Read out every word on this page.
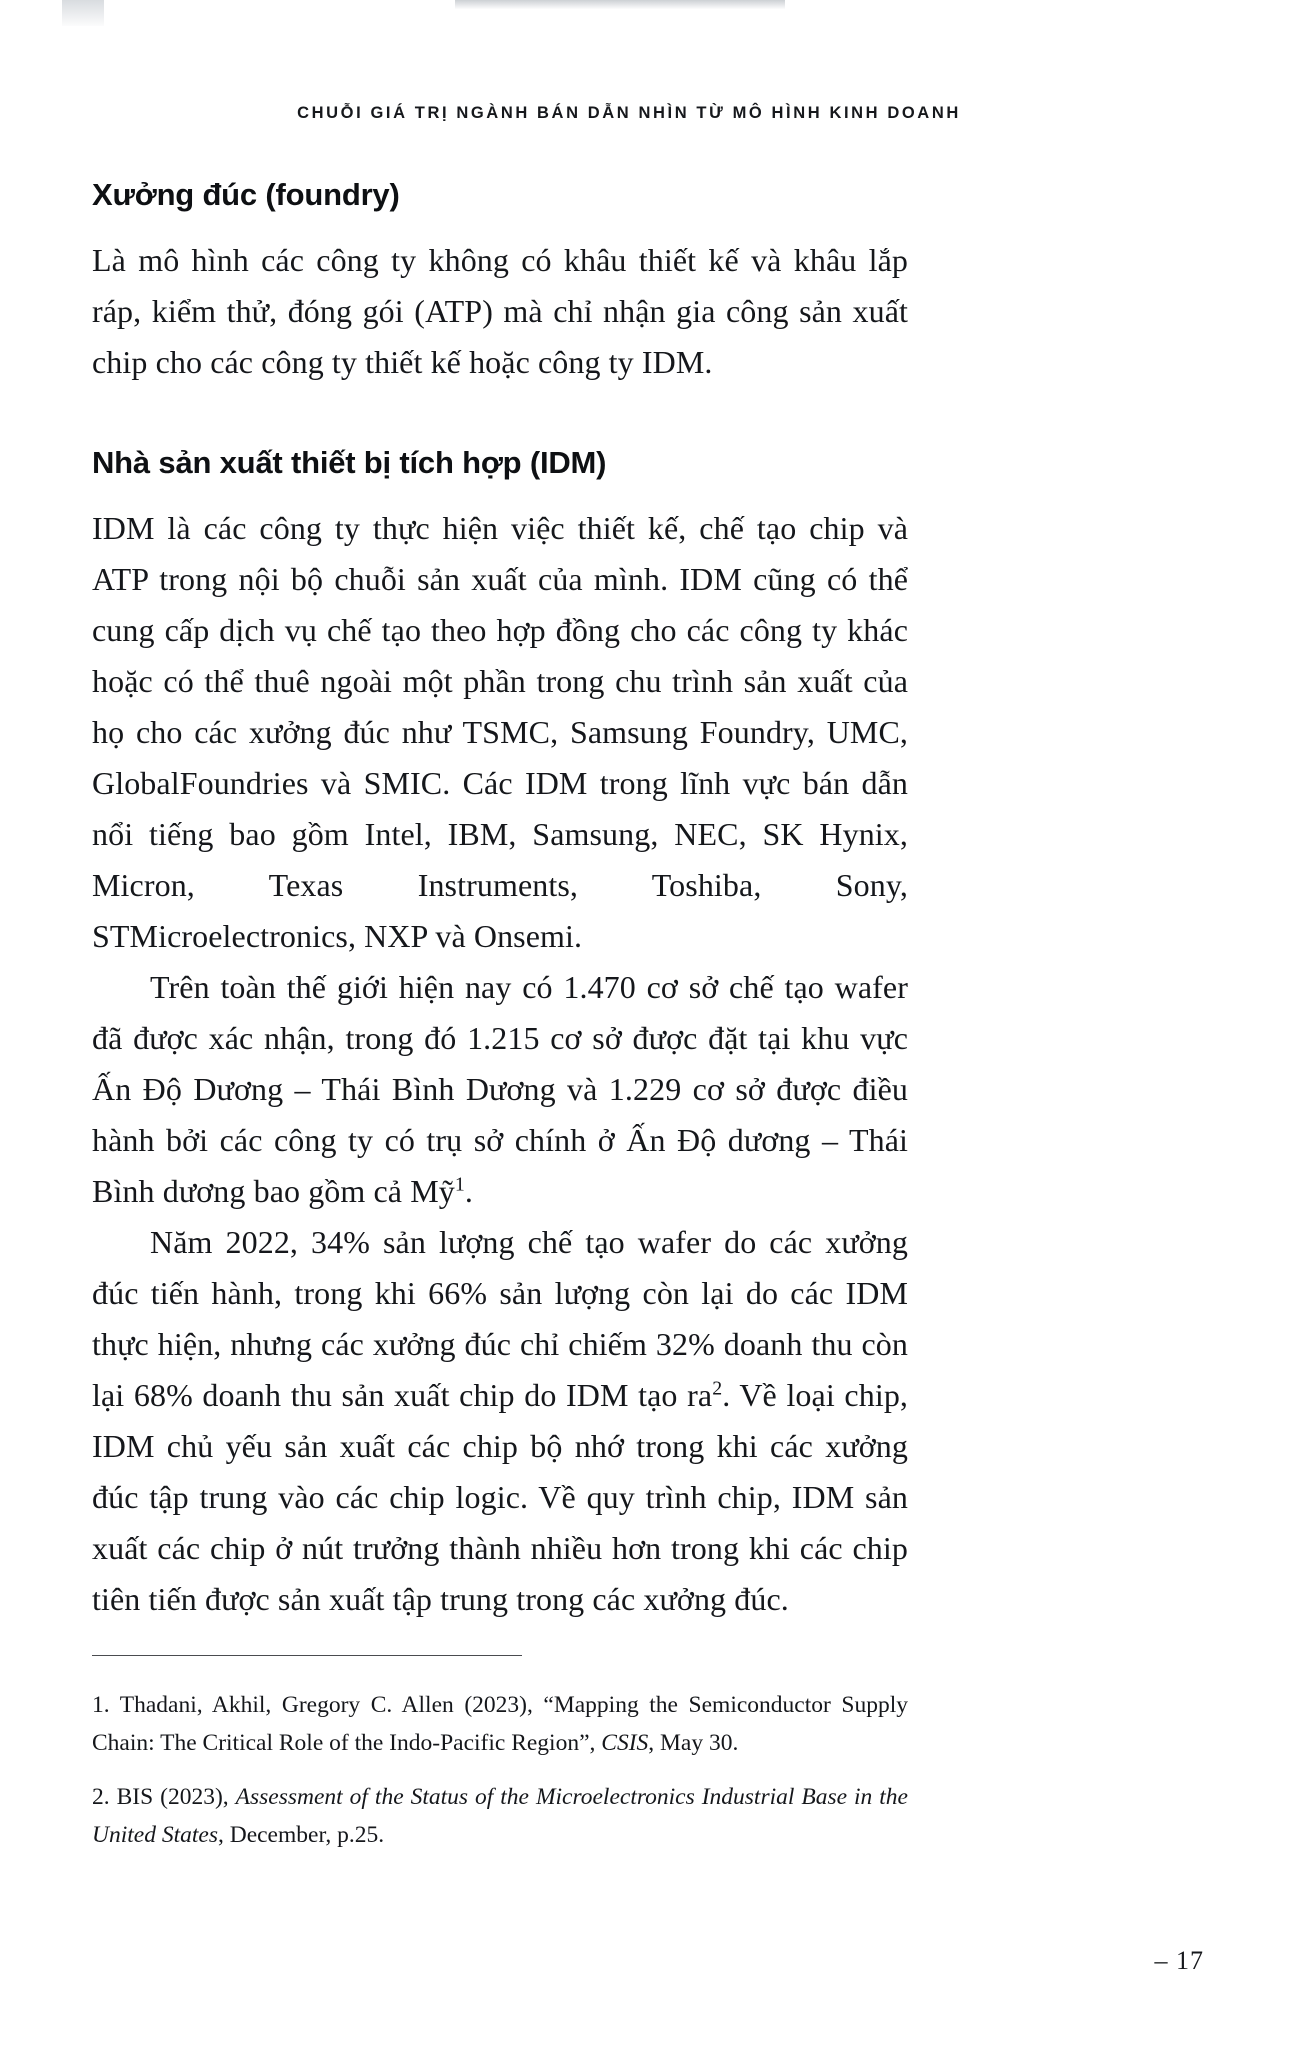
CHUỖI GIÁ TRỊ NGÀNH BÁN DẪN NHÌN TỪ MÔ HÌNH KINH DOANH
Xưởng đúc (foundry)

Là mô hình các công ty không có khâu thiết kế và khâu lắp ráp, kiểm thử, đóng gói (ATP) mà chỉ nhận gia công sản xuất chip cho các công ty thiết kế hoặc công ty IDM.

Nhà sản xuất thiết bị tích hợp (IDM)

IDM là các công ty thực hiện việc thiết kế, chế tạo chip và ATP trong nội bộ chuỗi sản xuất của mình. IDM cũng có thể cung cấp dịch vụ chế tạo theo hợp đồng cho các công ty khác hoặc có thể thuê ngoài một phần trong chu trình sản xuất của họ cho các xưởng đúc như TSMC, Samsung Foundry, UMC, GlobalFoundries và SMIC. Các IDM trong lĩnh vực bán dẫn nổi tiếng bao gồm Intel, IBM, Samsung, NEC, SK Hynix, Micron, Texas Instruments, Toshiba, Sony, STMicroelectronics, NXP và Onsemi.

Trên toàn thế giới hiện nay có 1.470 cơ sở chế tạo wafer đã được xác nhận, trong đó 1.215 cơ sở được đặt tại khu vực Ấn Độ Dương – Thái Bình Dương và 1.229 cơ sở được điều hành bởi các công ty có trụ sở chính ở Ấn Độ dương – Thái Bình dương bao gồm cả Mỹ$^1$.

Năm 2022, 34% sản lượng chế tạo wafer do các xưởng đúc tiến hành, trong khi 66% sản lượng còn lại do các IDM thực hiện, nhưng các xưởng đúc chỉ chiếm 32% doanh thu còn lại 68% doanh thu sản xuất chip do IDM tạo ra$^2$. Về loại chip, IDM chủ yếu sản xuất các chip bộ nhớ trong khi các xưởng đúc tập trung vào các chip logic. Về quy trình chip, IDM sản xuất các chip ở nút trưởng thành nhiều hơn trong khi các chip tiên tiến được sản xuất tập trung trong các xưởng đúc.

1. Thadani, Akhil, Gregory C. Allen (2023), “Mapping the Semiconductor Supply Chain: The Critical Role of the Indo-Pacific Region”, CSIS, May 30.

2. BIS (2023), Assessment of the Status of the Microelectronics Industrial Base in the United States, December, p.25.

– 17
